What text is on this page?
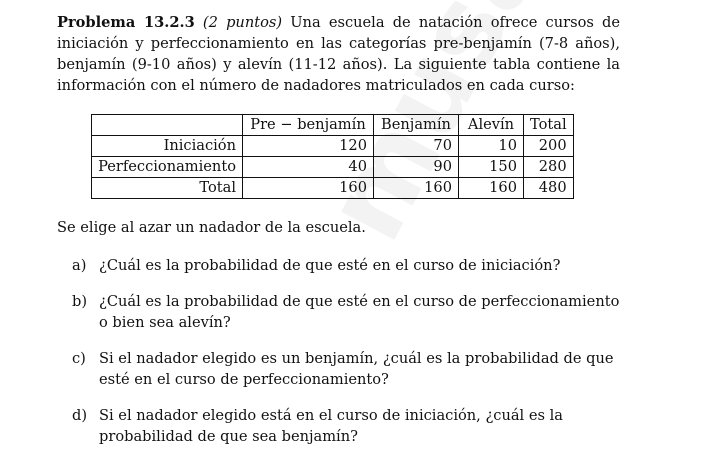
Problema 13.2.3 (2 puntos) Una escuela de natación ofrece cursos de iniciación y perfeccionamiento en las categorías pre-benjamín (7-8 años), benjamín (9-10 años) y alevín (11-12 años). La siguiente tabla contiene la información con el número de nadadores matriculados en cada curso:
	Pre − benjamín	Benjamín	Alevín	Total
Iniciación	120	70	10	200
Perfeccionamiento	40	90	150	280
Total	160	160	160	480
Se elige al azar un nadador de la escuela.
a) ¿Cuál es la probabilidad de que esté en el curso de iniciación?
b) ¿Cuál es la probabilidad de que esté en el curso de perfeccionamiento o bien sea alevín?
c) Si el nadador elegido es un benjamín, ¿cuál es la probabilidad de que esté en el curso de perfeccionamiento?
d) Si el nadador elegido está en el curso de iniciación, ¿cuál es la probabilidad de que sea benjamín?
